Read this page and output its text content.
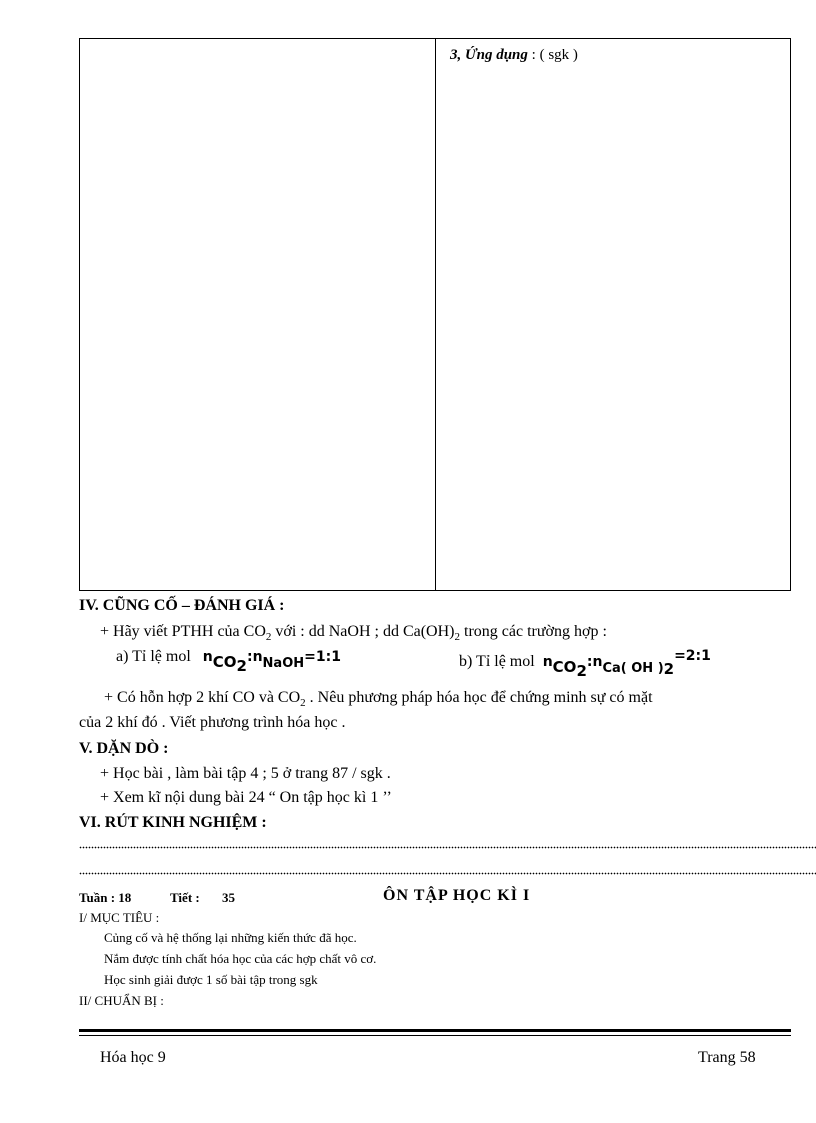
3, Ứng dụng : ( sgk )
IV. CŨNG CỐ – ĐÁNH GIÁ :
+ Hãy viết PTHH của $CO_2$ với : dd NaOH ; dd $Ca(OH)_2$ trong các trường hợp :
a) Tỉ lệ mol $n_{CO_2}:n_{NaOH}=1:1$	b) Tỉ lệ mol $n_{CO_2}:n_{Ca( OH )_2}=2:1$
+ Có hỗn hợp 2 khí CO và $CO_2$ . Nêu phương pháp hóa học để chứng minh sự có mặt
của 2 khí đó . Viết phương trình hóa học .
V. DẶN DÒ :
+ Học bài , làm bài tập 4 ; 5 ở trang 87 / sgk .
+ Xem kĩ nội dung bài 24 “ On tập học kì 1 ’’
VI. RÚT KINH NGHIỆM :
Tuần : 18	Tiết : 35	ÔN TẬP HỌC KÌ I
I/ MỤC TIÊU :
Củng cố và hệ thống lại những kiến thức đã học.
Nắm được tính chất hóa học của các hợp chất vô cơ.
Học sinh giải được 1 số bài tập trong sgk
II/ CHUẨN BỊ :
Hóa học 9	Trang 58
